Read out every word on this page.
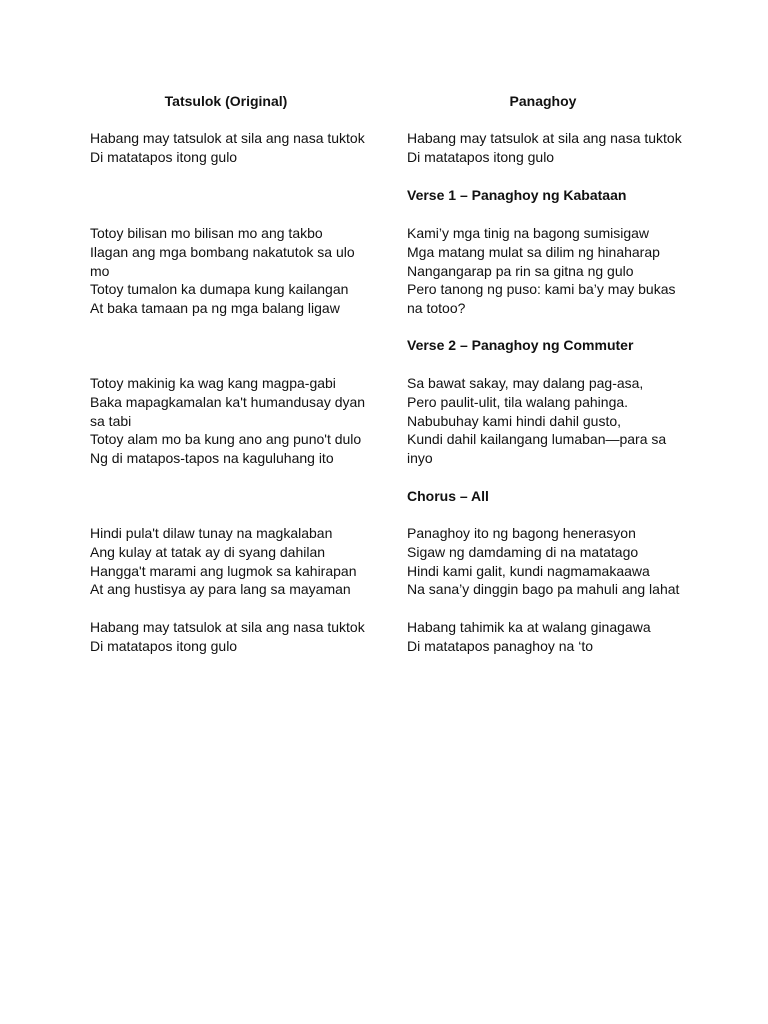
Tatsulok (Original)	Panaghoy
Habang may tatsulok at sila ang nasa tuktok
Di matatapos itong gulo
Totoy bilisan mo bilisan mo ang takbo
Ilagan ang mga bombang nakatutok sa ulo
mo
Totoy tumalon ka dumapa kung kailangan
At baka tamaan pa ng mga balang ligaw
Totoy makinig ka wag kang magpa-gabi
Baka mapagkamalan ka't humandusay dyan
sa tabi
Totoy alam mo ba kung ano ang puno't dulo
Ng di matapos-tapos na kaguluhang ito
Hindi pula't dilaw tunay na magkalaban
Ang kulay at tatak ay di syang dahilan
Hangga't marami ang lugmok sa kahirapan
At ang hustisya ay para lang sa mayaman
Habang may tatsulok at sila ang nasa tuktok
Di matatapos itong gulo
Habang may tatsulok at sila ang nasa tuktok
Di matatapos itong gulo
Verse 1 – Panaghoy ng Kabataan
Kami’y mga tinig na bagong sumisigaw
Mga matang mulat sa dilim ng hinaharap
Nangangarap pa rin sa gitna ng gulo
Pero tanong ng puso: kami ba’y may bukas
na totoo?
Verse 2 – Panaghoy ng Commuter
Sa bawat sakay, may dalang pag-asa,
Pero paulit-ulit, tila walang pahinga.
Nabubuhay kami hindi dahil gusto,
Kundi dahil kailangang lumaban—para sa
inyo
Chorus – All
Panaghoy ito ng bagong henerasyon
Sigaw ng damdaming di na matatago
Hindi kami galit, kundi nagmamakaawa
Na sana’y dinggin bago pa mahuli ang lahat
Habang tahimik ka at walang ginagawa
Di matatapos panaghoy na ‘to
